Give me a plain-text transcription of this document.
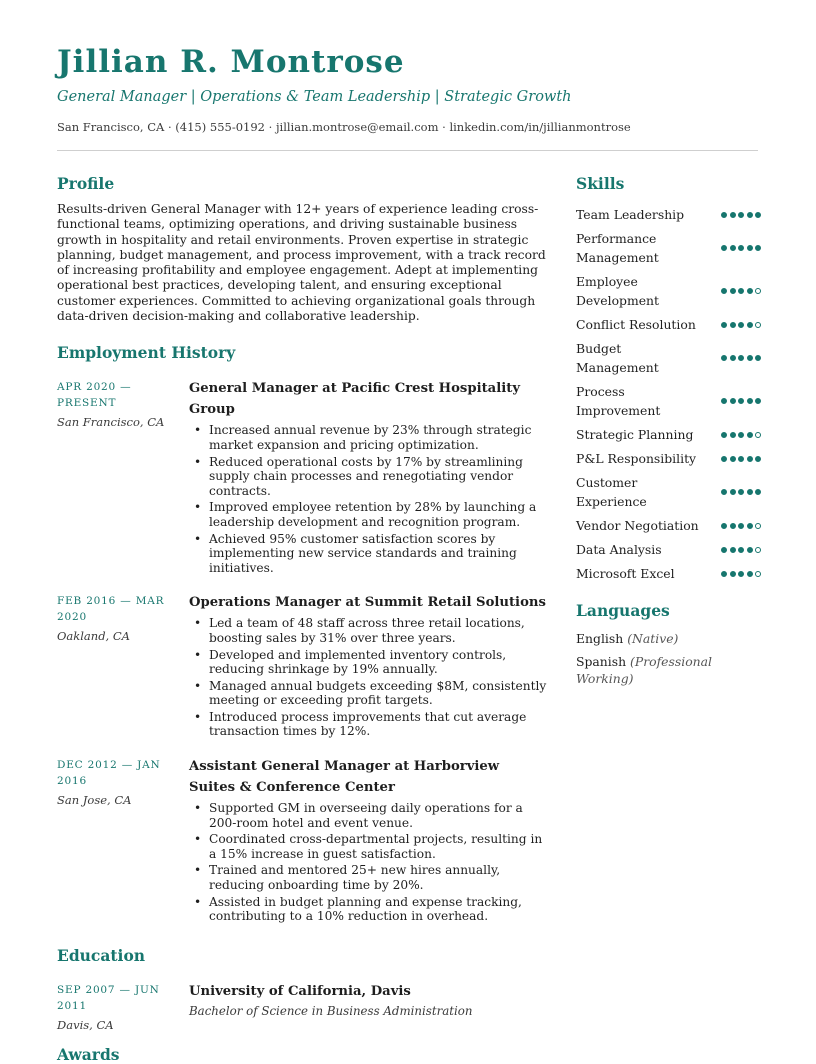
Jillian R. Montrose
General Manager | Operations & Team Leadership | Strategic Growth
San Francisco, CA · (415) 555-0192 · jillian.montrose@email.com · linkedin.com/in/jillianmontrose
Profile

Results-driven General Manager with 12+ years of experience leading cross-functional teams, optimizing operations, and driving sustainable business growth in hospitality and retail environments. Proven expertise in strategic planning, budget management, and process improvement, with a track record of increasing profitability and employee engagement. Adept at implementing operational best practices, developing talent, and ensuring exceptional customer experiences. Committed to achieving organizational goals through data-driven decision-making and collaborative leadership.

Employment History
APR 2020 — PRESENT
San Francisco, CA
General Manager at Pacific Crest Hospitality Group
• Increased annual revenue by 23% through strategic market expansion and pricing optimization.
• Reduced operational costs by 17% by streamlining supply chain processes and renegotiating vendor contracts.
• Improved employee retention by 28% by launching a leadership development and recognition program.
• Achieved 95% customer satisfaction scores by implementing new service standards and training initiatives.
FEB 2016 — MAR 2020
Oakland, CA
Operations Manager at Summit Retail Solutions
• Led a team of 48 staff across three retail locations, boosting sales by 31% over three years.
• Developed and implemented inventory controls, reducing shrinkage by 19% annually.
• Managed annual budgets exceeding $8M, consistently meeting or exceeding profit targets.
• Introduced process improvements that cut average transaction times by 12%.
DEC 2012 — JAN 2016
San Jose, CA
Assistant General Manager at Harborview Suites & Conference Center
• Supported GM in overseeing daily operations for a 200-room hotel and event venue.
• Coordinated cross-departmental projects, resulting in a 15% increase in guest satisfaction.
• Trained and mentored 25+ new hires annually, reducing onboarding time by 20%.
• Assisted in budget planning and expense tracking, contributing to a 10% reduction in overhead.
Education
SEP 2007 — JUN 2011
Davis, CA
University of California, Davis
Bachelor of Science in Business Administration
Awards
Skills
Team Leadership
Performance Management
Employee Development
Conflict Resolution
Budget Management
Process Improvement
Strategic Planning
P&L Responsibility
Customer Experience
Vendor Negotiation
Data Analysis
Microsoft Excel
Languages
English (Native)
Spanish (Professional Working)
